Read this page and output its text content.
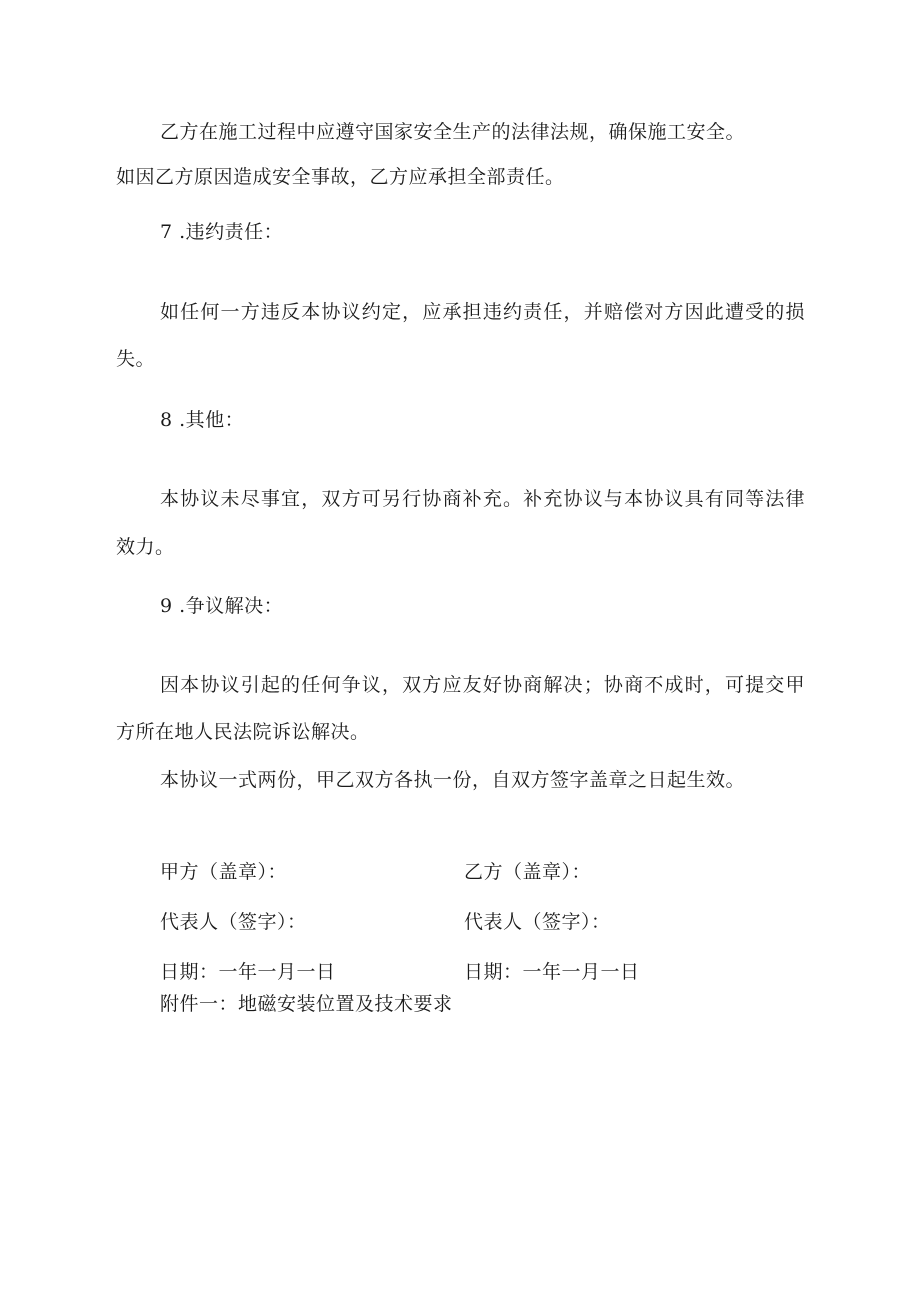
乙方在施工过程中应遵守国家安全生产的法律法规，确保施工安全。
如因乙方原因造成安全事故，乙方应承担全部责任。
7 .违约责任：
如任何一方违反本协议约定，应承担违约责任，并赔偿对方因此遭受的损
失。
8 .其他：
本协议未尽事宜，双方可另行协商补充。补充协议与本协议具有同等法律
效力。
9 .争议解决：
因本协议引起的任何争议，双方应友好协商解决；协商不成时，可提交甲
方所在地人民法院诉讼解决。
本协议一式两份，甲乙双方各执一份，自双方签字盖章之日起生效。
甲方（盖章）：	乙方（盖章）：
代表人（签字）：	代表人（签字）：
日期：一年一月一日	日期：一年一月一日
附件一：地磁安装位置及技术要求
